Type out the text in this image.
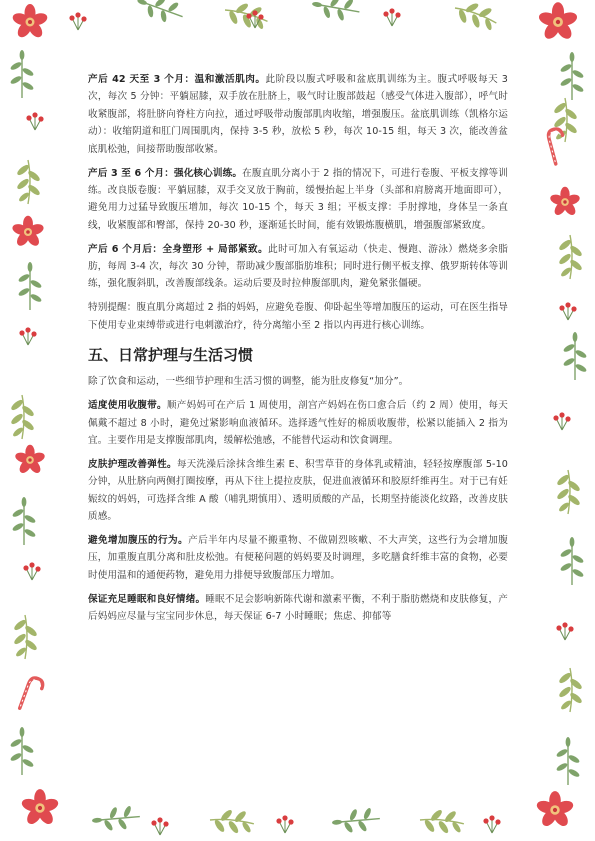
产后 42 天至 3 个月：温和激活肌肉。此阶段以腹式呼吸和盆底肌训练为主。腹式呼吸每天 3 次，每次 5 分钟：平躺屈膝，双手放在肚脐上，吸气时让腹部鼓起（感受气体进入腹部），呼气时收紧腹部，将肚脐向脊柱方向拉，通过呼吸带动腹部肌肉收缩，增强腹压。盆底肌训练（凯格尔运动）：收缩阴道和肛门周围肌肉，保持 3-5 秒，放松 5 秒，每次 10-15 组，每天 3 次，能改善盆底肌松弛，间接帮助腹部收紧。

产后 3 至 6 个月：强化核心训练。在腹直肌分离小于 2 指的情况下，可进行卷腹、平板支撑等训练。改良版卷腹：平躺屈膝，双手交叉放于胸前，缓慢抬起上半身（头部和肩膀离开地面即可），避免用力过猛导致腹压增加，每次 10-15 个，每天 3 组；平板支撑：手肘撑地，身体呈一条直线，收紧腹部和臀部，保持 20-30 秒，逐渐延长时间，能有效锻炼腹横肌，增强腹部紧致度。

产后 6 个月后：全身塑形 + 局部紧致。此时可加入有氧运动（快走、慢跑、游泳）燃烧多余脂肪，每周 3-4 次，每次 30 分钟，帮助减少腹部脂肪堆积；同时进行侧平板支撑、俄罗斯转体等训练，强化腹斜肌，改善腹部线条。运动后要及时拉伸腹部肌肉，避免紧张僵硬。

特别提醒：腹直肌分离超过 2 指的妈妈，应避免卷腹、仰卧起坐等增加腹压的运动，可在医生指导下使用专业束缚带或进行电刺激治疗，待分离缩小至 2 指以内再进行核心训练。

五、日常护理与生活习惯

除了饮食和运动，一些细节护理和生活习惯的调整，能为肚皮修复“加分”。

适度使用收腹带。顺产妈妈可在产后 1 周使用，剖宫产妈妈在伤口愈合后（约 2 周）使用，每天佩戴不超过 8 小时，避免过紧影响血液循环。选择透气性好的棉质收腹带，松紧以能插入 2 指为宜。主要作用是支撑腹部肌肉，缓解松弛感，不能替代运动和饮食调理。

皮肤护理改善弹性。每天洗澡后涂抹含维生素 E、积雪草苷的身体乳或精油，轻轻按摩腹部 5-10 分钟，从肚脐向两侧打圈按摩，再从下往上提拉皮肤，促进血液循环和胶原纤维再生。对于已有妊娠纹的妈妈，可选择含维 A 酸（哺乳期慎用）、透明质酸的产品，长期坚持能淡化纹路，改善皮肤质感。

避免增加腹压的行为。产后半年内尽量不搬重物、不做剧烈咳嗽、不大声笑，这些行为会增加腹压，加重腹直肌分离和肚皮松弛。有便秘问题的妈妈要及时调理，多吃膳食纤维丰富的食物，必要时使用温和的通便药物，避免用力排便导致腹部压力增加。

保证充足睡眠和良好情绪。睡眠不足会影响新陈代谢和激素平衡，不利于脂肪燃烧和皮肤修复，产后妈妈应尽量与宝宝同步休息，每天保证 6-7 小时睡眠；焦虑、抑郁等
